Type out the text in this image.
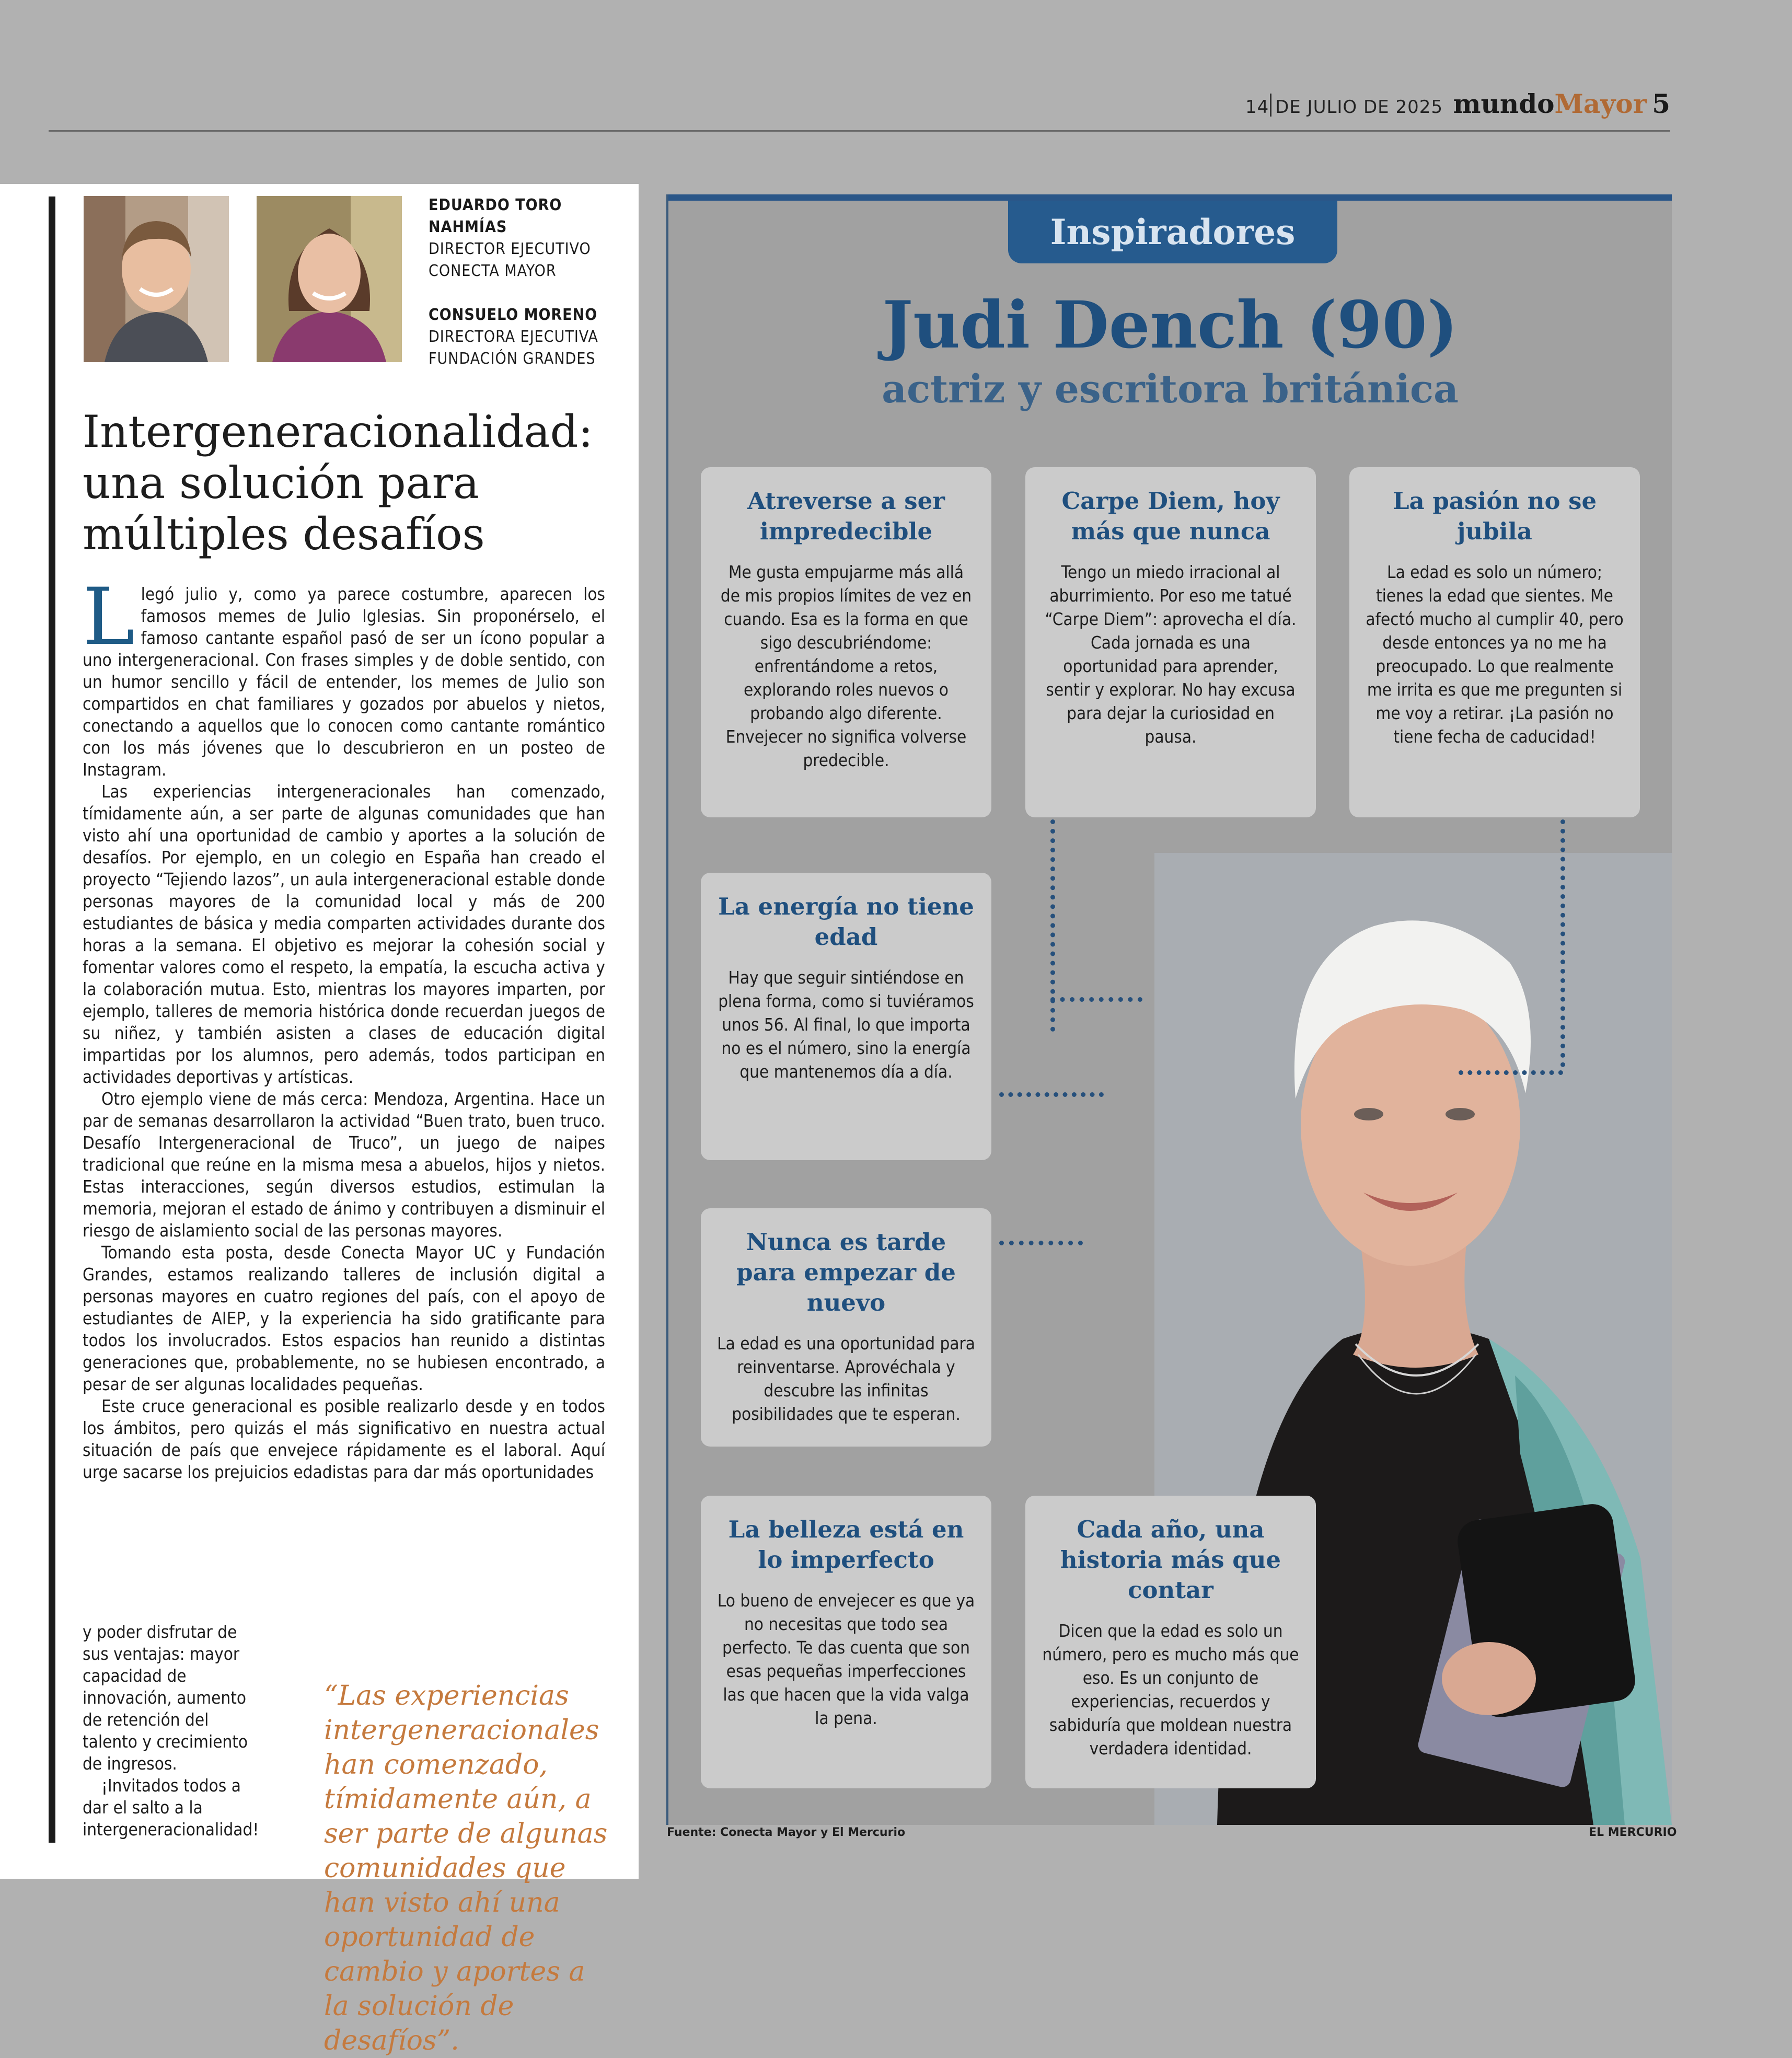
14 DE JULIO DE 2025 mundoMayor 5
EDUARDO TORO
NAHMÍAS
DIRECTOR EJECUTIVO
CONECTA MAYOR
CONSUELO MORENO
DIRECTORA EJECUTIVA
FUNDACIÓN GRANDES
Intergeneracionalidad:
una solución para
múltiples desafíos

Llegó julio y, como ya parece costumbre, aparecen los famosos memes de Julio Iglesias. Sin proponérselo, el famoso cantante español pasó de ser un ícono popular a uno intergeneracional. Con frases simples y de doble sentido, con un humor sencillo y fácil de entender, los memes de Julio son compartidos en chat familiares y gozados por abuelos y nietos, conectando a aquellos que lo conocen como cantante romántico con los más jóvenes que lo descubrieron en un posteo de Instagram.

Las experiencias intergeneracionales han comenzado, tímidamente aún, a ser parte de algunas comunidades que han visto ahí una oportunidad de cambio y aportes a la solución de desafíos. Por ejemplo, en un colegio en España han creado el proyecto “Tejiendo lazos”, un aula intergeneracional estable donde personas mayores de la comunidad local y más de 200 estudiantes de básica y media comparten actividades durante dos horas a la semana. El objetivo es mejorar la cohesión social y fomentar valores como el respeto, la empatía, la escucha activa y la colaboración mutua. Esto, mientras los mayores imparten, por ejemplo, talleres de memoria histórica donde recuerdan juegos de su niñez, y también asisten a clases de educación digital impartidas por los alumnos, pero además, todos participan en actividades deportivas y artísticas.

Otro ejemplo viene de más cerca: Mendoza, Argentina. Hace un par de semanas desarrollaron la actividad “Buen trato, buen truco. Desafío Intergeneracional de Truco”, un juego de naipes tradicional que reúne en la misma mesa a abuelos, hijos y nietos. Estas interacciones, según diversos estudios, estimulan la memoria, mejoran el estado de ánimo y contribuyen a disminuir el riesgo de aislamiento social de las personas mayores.

Tomando esta posta, desde Conecta Mayor UC y Fundación Grandes, estamos realizando talleres de inclusión digital a personas mayores en cuatro regiones del país, con el apoyo de estudiantes de AIEP, y la experiencia ha sido gratificante para todos los involucrados. Estos espacios han reunido a distintas generaciones que, probablemente, no se hubiesen encontrado, a pesar de ser algunas localidades pequeñas.

Este cruce generacional es posible realizarlo desde y en todos los ámbitos, pero quizás el más significativo en nuestra actual situación de país que envejece rápidamente es el laboral. Aquí urge sacarse los prejuicios edadistas para dar más oportunidades

y poder disfrutar de sus ventajas: mayor capacidad de innovación, aumento de retención del talento y crecimiento de ingresos.

¡Invitados todos a dar el salto a la intergeneracionalidad!

“Las experiencias intergeneracionales han comenzado, tímidamente aún, a ser parte de algunas comunidades que han visto ahí una oportunidad de cambio y aportes a la solución de desafíos”.
Inspiradores
Judi Dench (90)
actriz y escritora británica
Atreverse a ser impredecible

Me gusta empujarme más allá de mis propios límites de vez en cuando. Esa es la forma en que sigo descubriéndome: enfrentándome a retos, explorando roles nuevos o probando algo diferente. Envejecer no significa volverse predecible.

Carpe Diem, hoy más que nunca

Tengo un miedo irracional al aburrimiento. Por eso me tatué “Carpe Diem”: aprovecha el día. Cada jornada es una oportunidad para aprender, sentir y explorar. No hay excusa para dejar la curiosidad en pausa.

La pasión no se jubila

La edad es solo un número; tienes la edad que sientes. Me afectó mucho al cumplir 40, pero desde entonces ya no me ha preocupado. Lo que realmente me irrita es que me pregunten si me voy a retirar. ¡La pasión no tiene fecha de caducidad!

La energía no tiene edad

Hay que seguir sintiéndose en plena forma, como si tuviéramos unos 56. Al final, lo que importa no es el número, sino la energía que mantenemos día a día.

Nunca es tarde para empezar de nuevo

La edad es una oportunidad para reinventarse. Aprovéchala y descubre las infinitas posibilidades que te esperan.

La belleza está en lo imperfecto

Lo bueno de envejecer es que ya no necesitas que todo sea perfecto. Te das cuenta que son esas pequeñas imperfecciones las que hacen que la vida valga la pena.

Cada año, una historia más que contar

Dicen que la edad es solo un número, pero es mucho más que eso. Es un conjunto de experiencias, recuerdos y sabiduría que moldean nuestra verdadera identidad.

Fuente: Conecta Mayor y El Mercurio	EL MERCURIO
